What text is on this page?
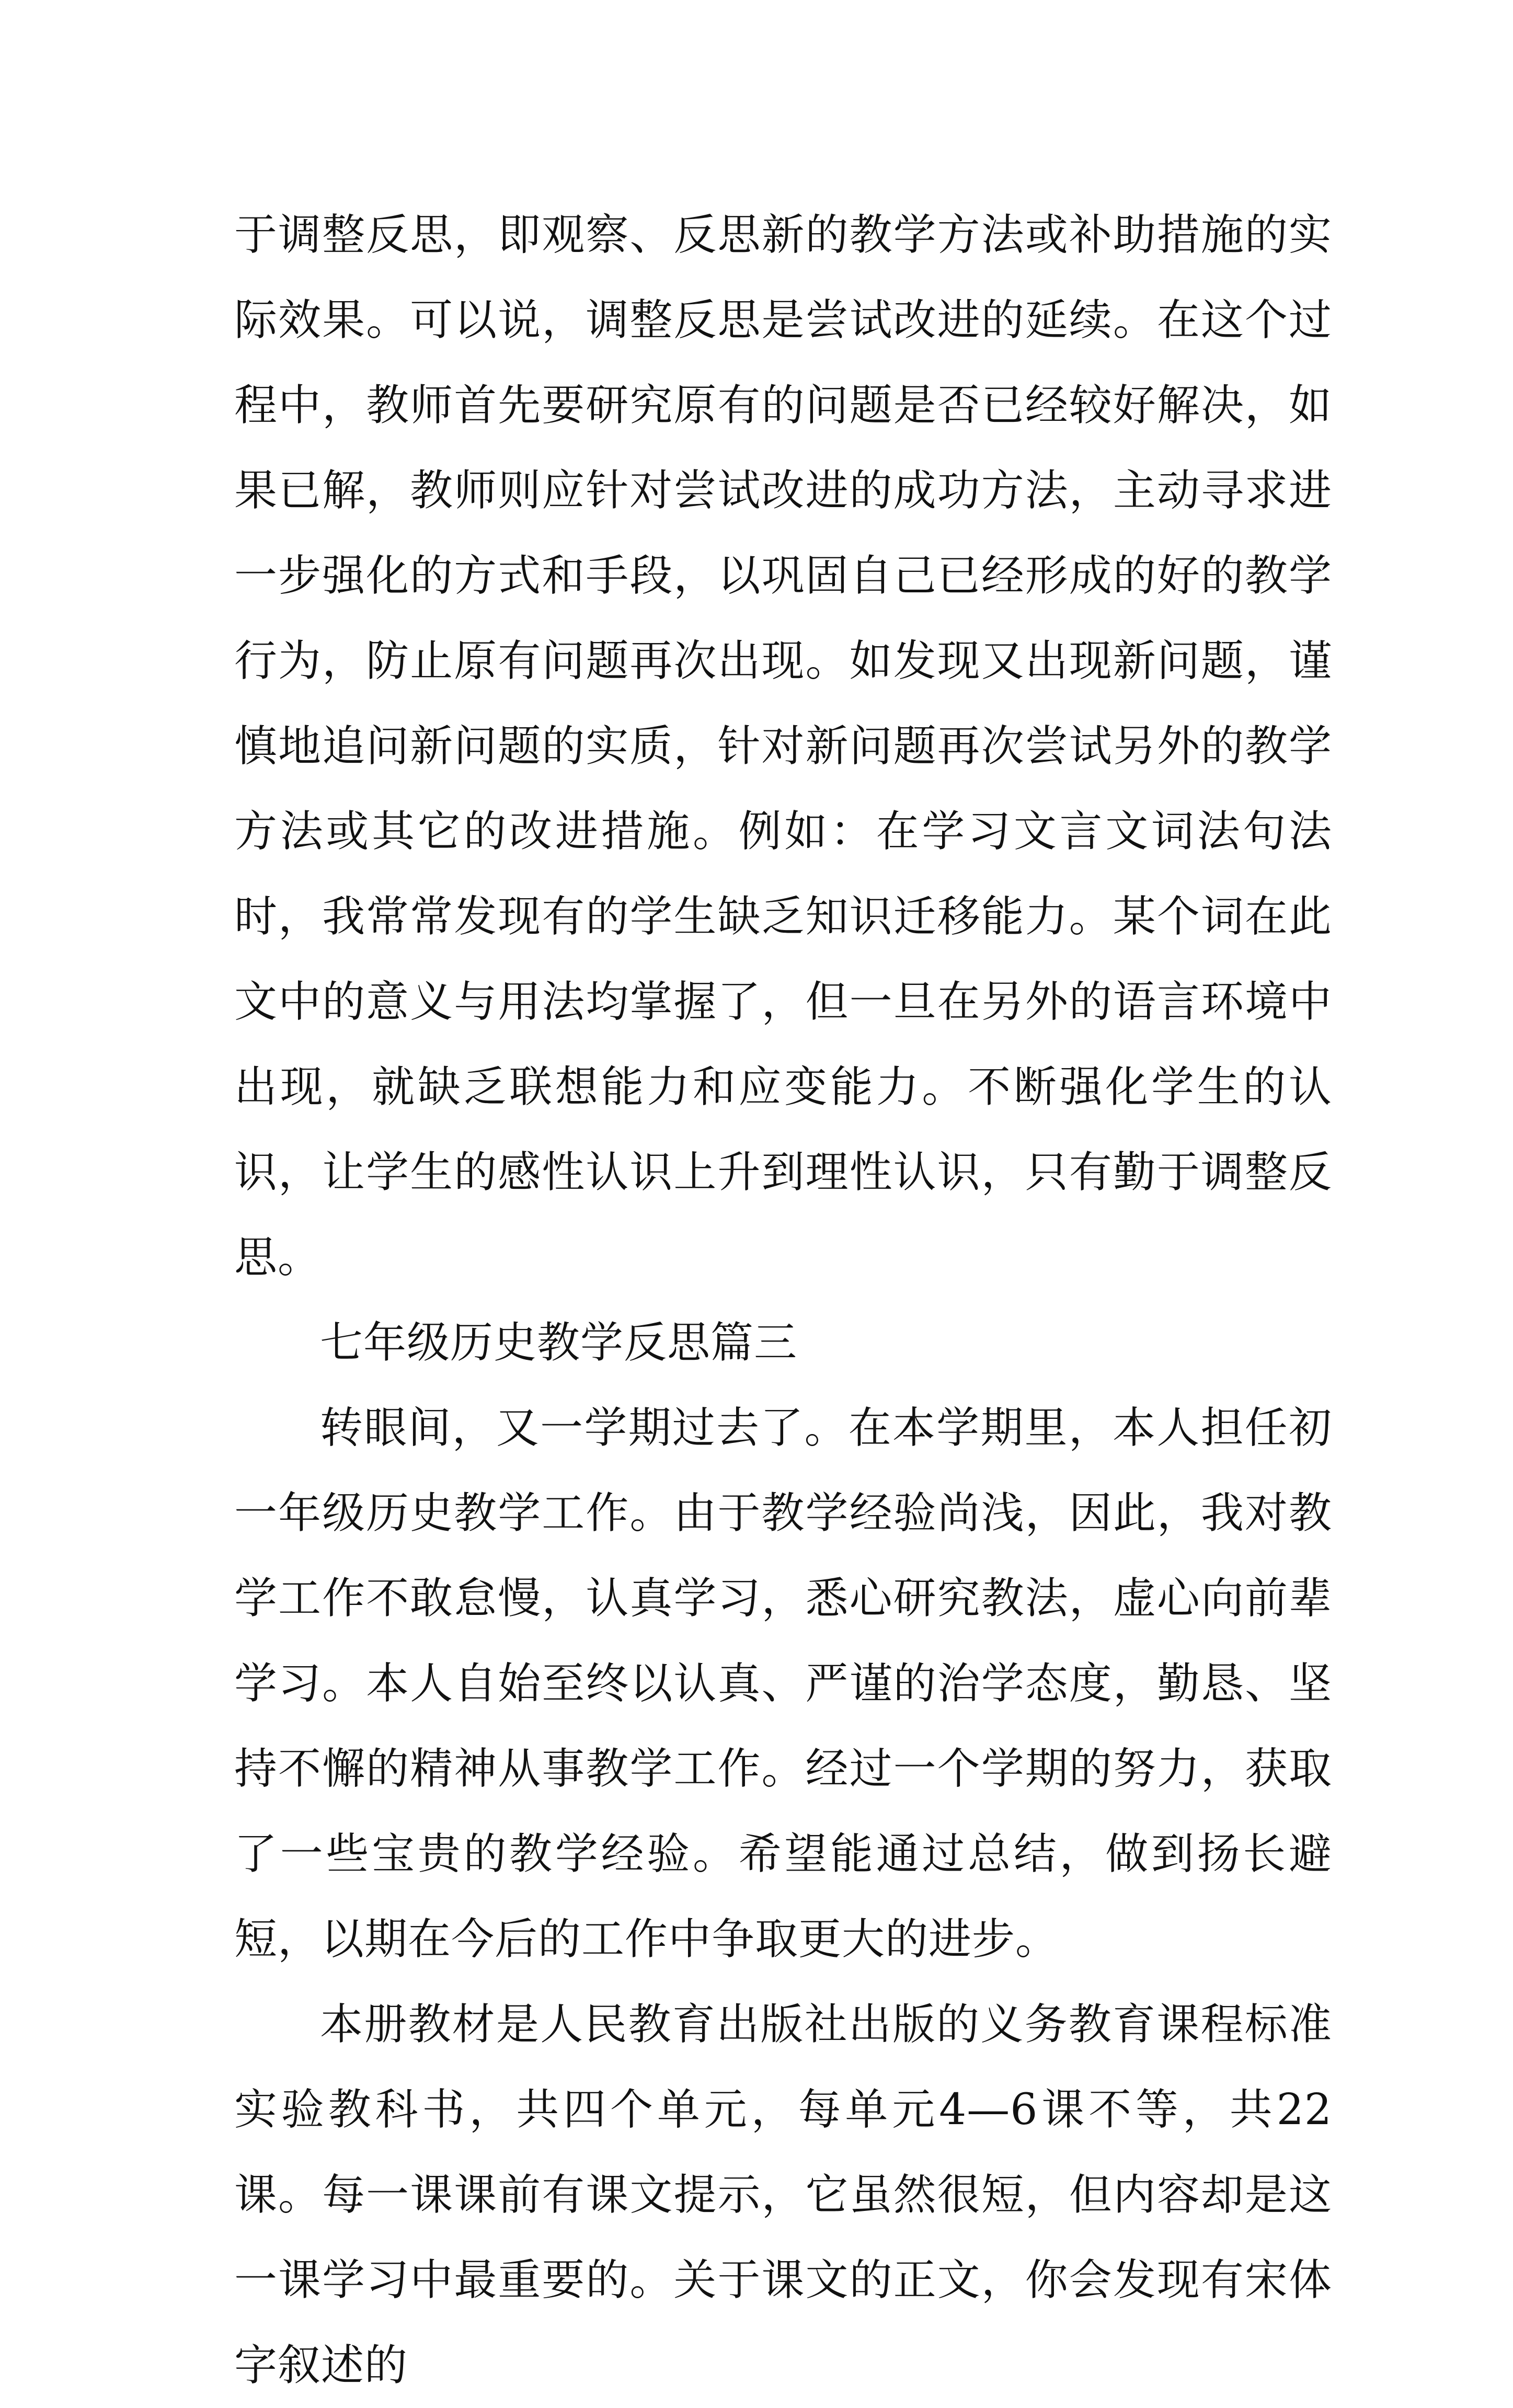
于调整反思，即观察、反思新的教学方法或补助措施的实际效果。可以说，调整反思是尝试改进的延续。在这个过程中，教师首先要研究原有的问题是否已经较好解决，如果已解，教师则应针对尝试改进的成功方法，主动寻求进一步强化的方式和手段，以巩固自己已经形成的好的教学行为，防止原有问题再次出现。如发现又出现新问题，谨慎地追问新问题的实质，针对新问题再次尝试另外的教学方法或其它的改进措施。例如：在学习文言文词法句法时，我常常发现有的学生缺乏知识迁移能力。某个词在此文中的意义与用法均掌握了，但一旦在另外的语言环境中出现，就缺乏联想能力和应变能力。不断强化学生的认识，让学生的感性认识上升到理性认识，只有勤于调整反思。

七年级历史教学反思篇三

转眼间，又一学期过去了。在本学期里，本人担任初一年级历史教学工作。由于教学经验尚浅，因此，我对教学工作不敢怠慢，认真学习，悉心研究教法，虚心向前辈学习。本人自始至终以认真、严谨的治学态度，勤恳、坚持不懈的精神从事教学工作。经过一个学期的努力，获取了一些宝贵的教学经验。希望能通过总结，做到扬长避短，以期在今后的工作中争取更大的进步。

本册教材是人民教育出版社出版的义务教育课程标准实验教科书，共四个单元，每单元4—6课不等，共22课。每一课课前有课文提示，它虽然很短，但内容却是这一课学习中最重要的。关于课文的正文，你会发现有宋体字叙述的
